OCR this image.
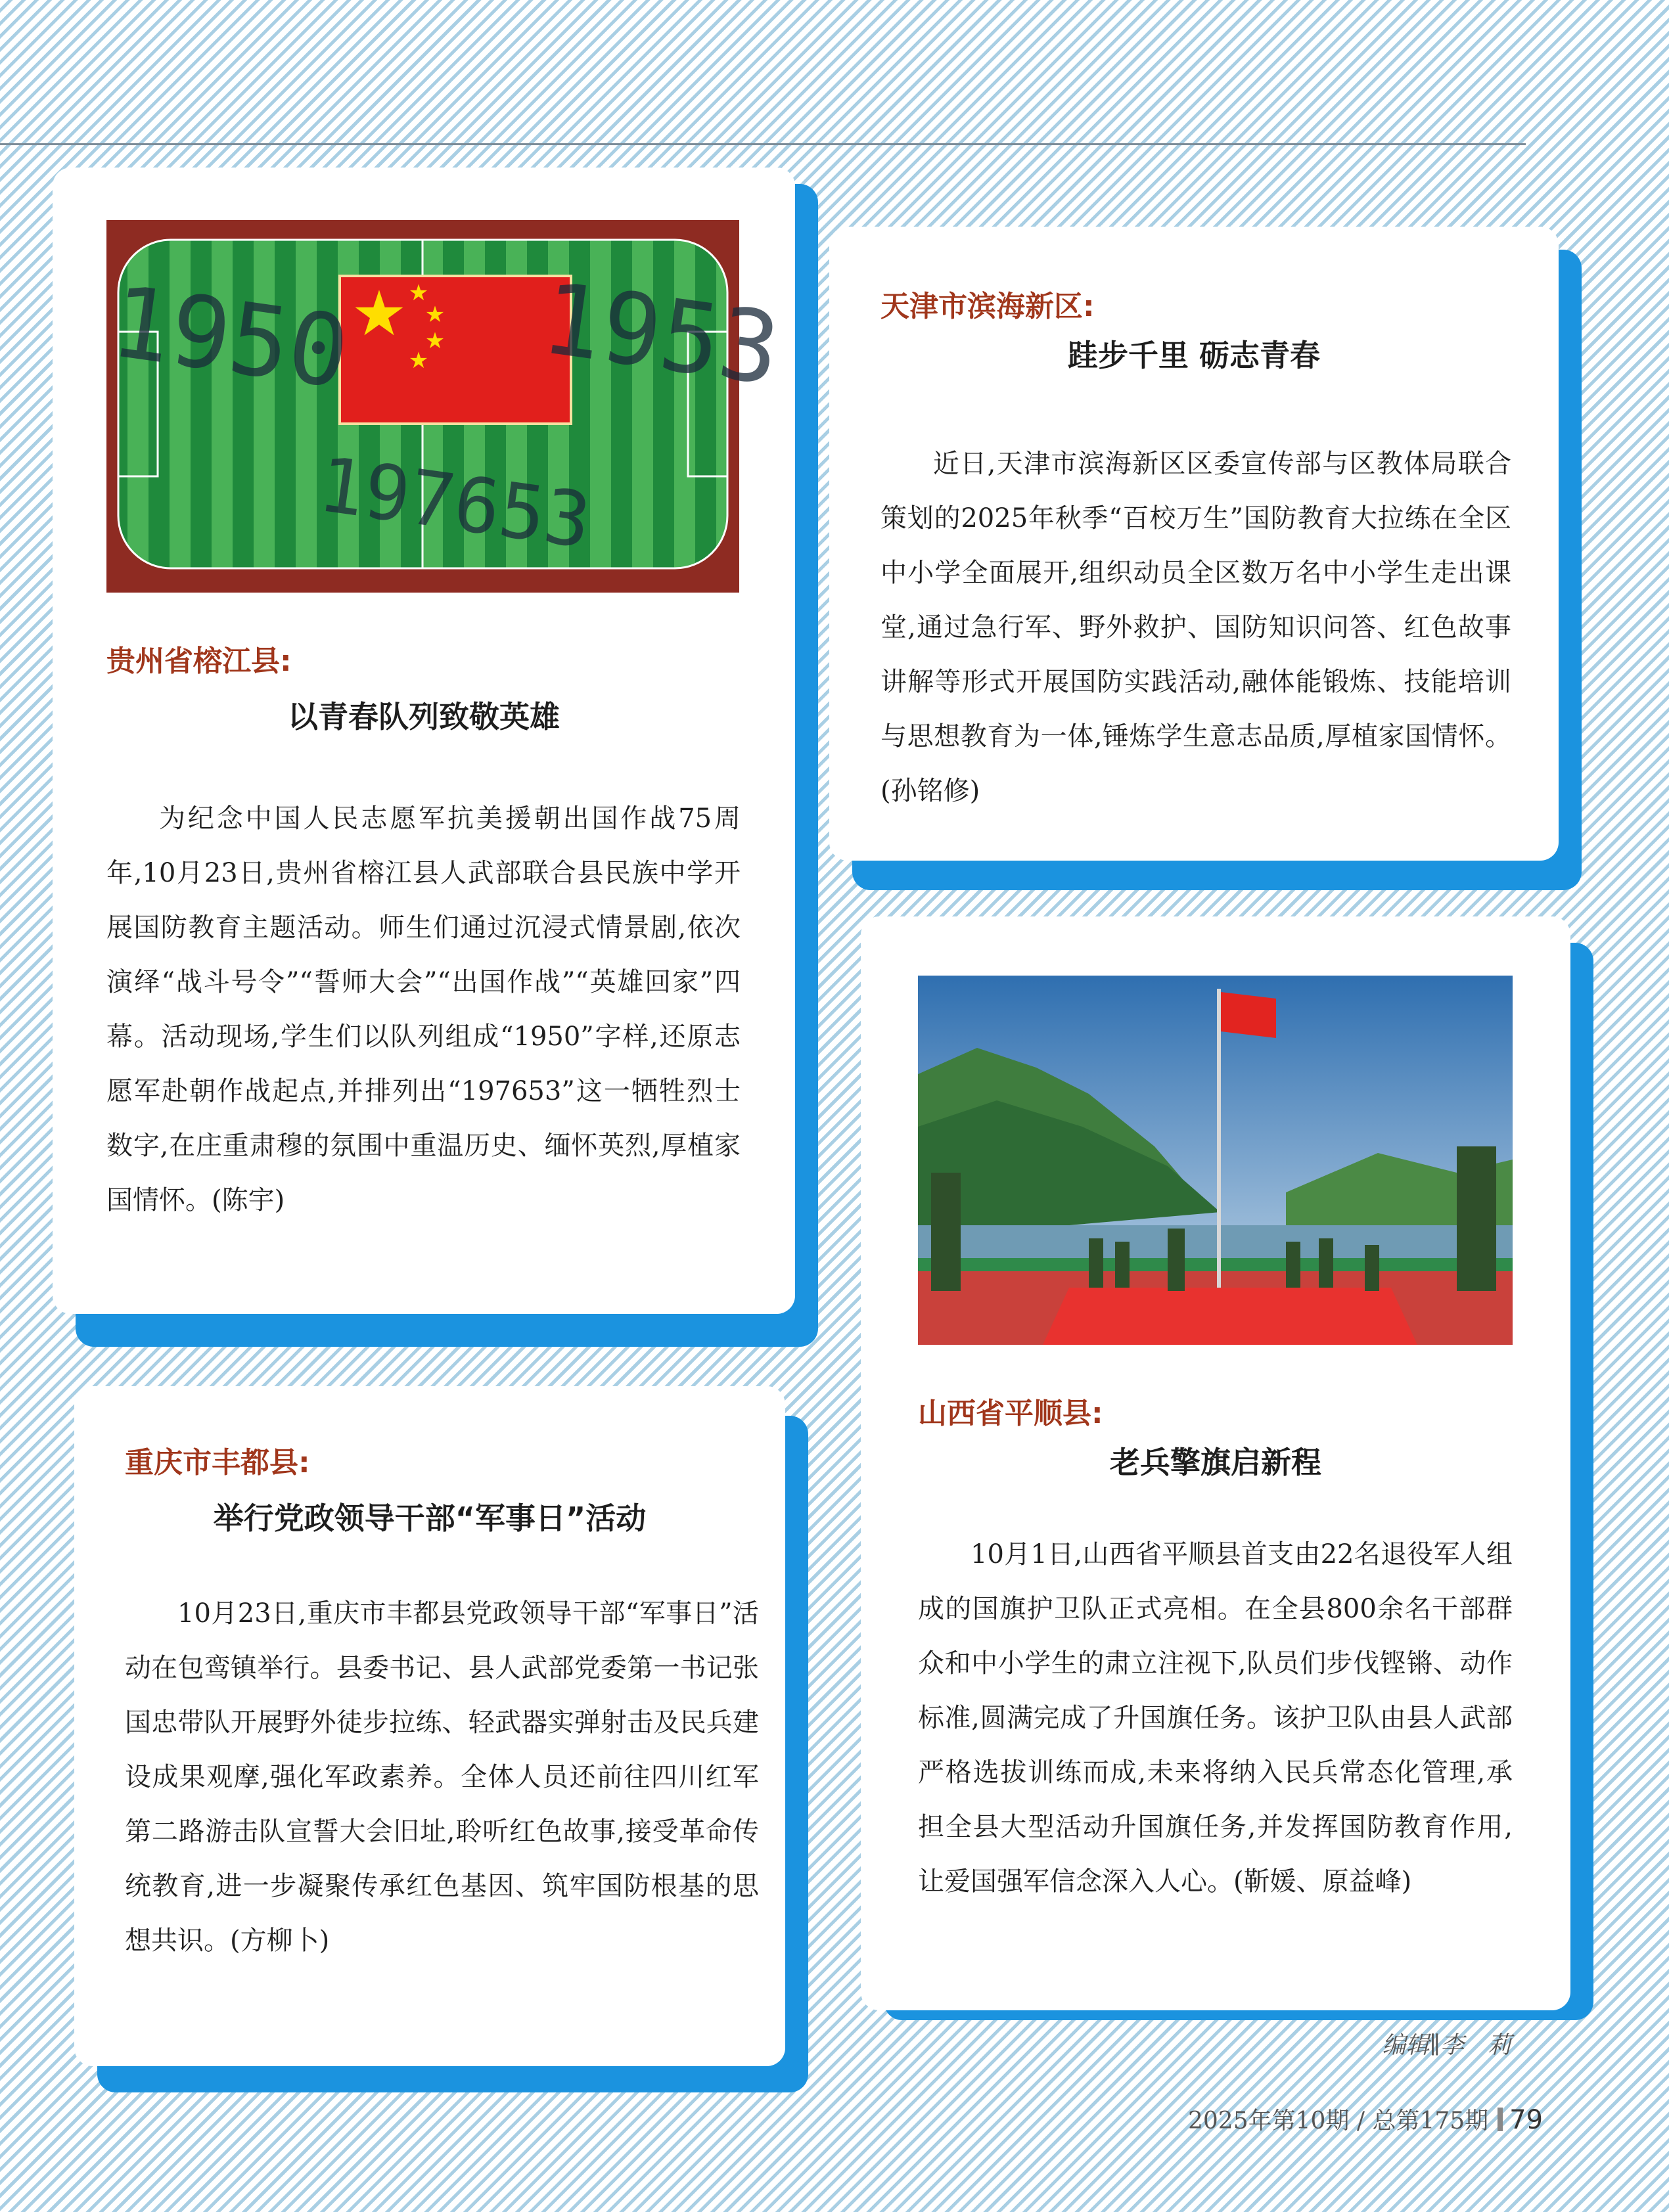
★ ★
★
★
★
1950 1953
197653

贵州省榕江县:

以青春队列致敬英雄

为纪念中国人民志愿军抗美援朝出国作战75周年,10月23日,贵州省榕江县人武部联合县民族中学开展国防教育主题活动。师生们通过沉浸式情景剧,依次演绎“战斗号令”“誓师大会”“出国作战”“英雄回家”四幕。活动现场,学生们以队列组成“1950”字样,还原志愿军赴朝作战起点,并排列出“197653”这一牺牲烈士数字,在庄重肃穆的氛围中重温历史、缅怀英烈,厚植家国情怀。(陈宇)

天津市滨海新区:

跬步千里 砺志青春

近日,天津市滨海新区区委宣传部与区教体局联合策划的2025年秋季“百校万生”国防教育大拉练在全区中小学全面展开,组织动员全区数万名中小学生走出课堂,通过急行军、野外救护、国防知识问答、红色故事讲解等形式开展国防实践活动,融体能锻炼、技能培训与思想教育为一体,锤炼学生意志品质,厚植家国情怀。(孙铭修)

重庆市丰都县:

举行党政领导干部“军事日”活动

10月23日,重庆市丰都县党政领导干部“军事日”活动在包鸾镇举行。县委书记、县人武部党委第一书记张国忠带队开展野外徒步拉练、轻武器实弹射击及民兵建设成果观摩,强化军政素养。全体人员还前往四川红军第二路游击队宣誓大会旧址,聆听红色故事,接受革命传统教育,进一步凝聚传承红色基因、筑牢国防根基的思想共识。(方柳卜)

山西省平顺县:

老兵擎旗启新程

10月1日,山西省平顺县首支由22名退役军人组成的国旗护卫队正式亮相。在全县800余名干部群众和中小学生的肃立注视下,队员们步伐铿锵、动作标准,圆满完成了升国旗任务。该护卫队由县人武部严格选拔训练而成,未来将纳入民兵常态化管理,承担全县大型活动升国旗任务,并发挥国防教育作用,让爱国强军信念深入人心。(靳媛、原益峰)

编辑∥李　莉
2025年第10期 / 总第175期 79
